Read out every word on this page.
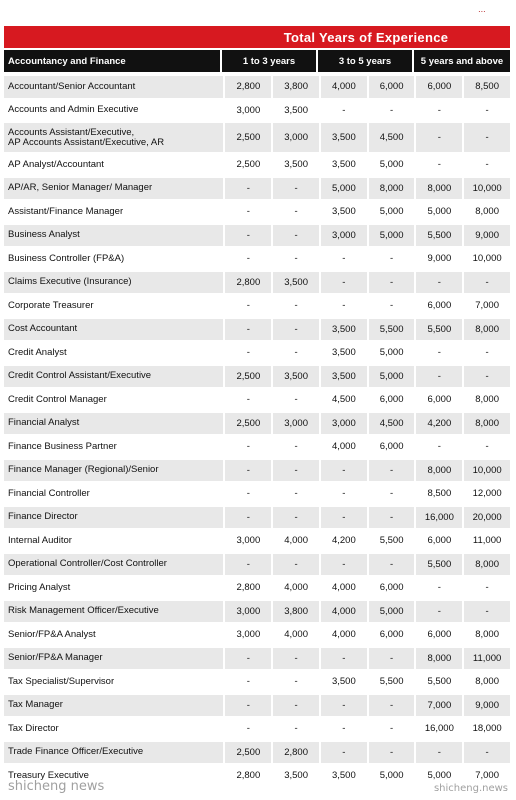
...
Total Years of Experience
Accountancy and Finance	1 to 3 years	3 to 5 years	5 years and above
Accountant/Senior Accountant	2,800	3,800	4,000	6,000	6,000	8,500
Accounts and Admin Executive	3,000	3,500	-	-	-	-
Accounts Assistant/Executive,
AP Accounts Assistant/Executive, AR	2,500	3,000	3,500	4,500	-	-
AP Analyst/Accountant	2,500	3,500	3,500	5,000	-	-
AP/AR, Senior Manager/ Manager	-	-	5,000	8,000	8,000	10,000
Assistant/Finance Manager	-	-	3,500	5,000	5,000	8,000
Business Analyst	-	-	3,000	5,000	5,500	9,000
Business Controller (FP&A)	-	-	-	-	9,000	10,000
Claims Executive (Insurance)	2,800	3,500	-	-	-	-
Corporate Treasurer	-	-	-	-	6,000	7,000
Cost Accountant	-	-	3,500	5,500	5,500	8,000
Credit Analyst	-	-	3,500	5,000	-	-
Credit Control Assistant/Executive	2,500	3,500	3,500	5,000	-	-
Credit Control Manager	-	-	4,500	6,000	6,000	8,000
Financial Analyst	2,500	3,000	3,000	4,500	4,200	8,000
Finance Business Partner	-	-	4,000	6,000	-	-
Finance Manager (Regional)/Senior	-	-	-	-	8,000	10,000
Financial Controller	-	-	-	-	8,500	12,000
Finance Director	-	-	-	-	16,000	20,000
Internal Auditor	3,000	4,000	4,200	5,500	6,000	11,000
Operational Controller/Cost Controller	-	-	-	-	5,500	8,000
Pricing Analyst	2,800	4,000	4,000	6,000	-	-
Risk Management Officer/Executive	3,000	3,800	4,000	5,000	-	-
Senior/FP&A Analyst	3,000	4,000	4,000	6,000	6,000	8,000
Senior/FP&A Manager	-	-	-	-	8,000	11,000
Tax Specialist/Supervisor	-	-	3,500	5,500	5,500	8,000
Tax Manager	-	-	-	-	7,000	9,000
Tax Director	-	-	-	-	16,000	18,000
Trade Finance Officer/Executive	2,500	2,800	-	-	-	-
Treasury Executive	2,800	3,500	3,500	5,000	5,000	7,000
shicheng news	shicheng.news
